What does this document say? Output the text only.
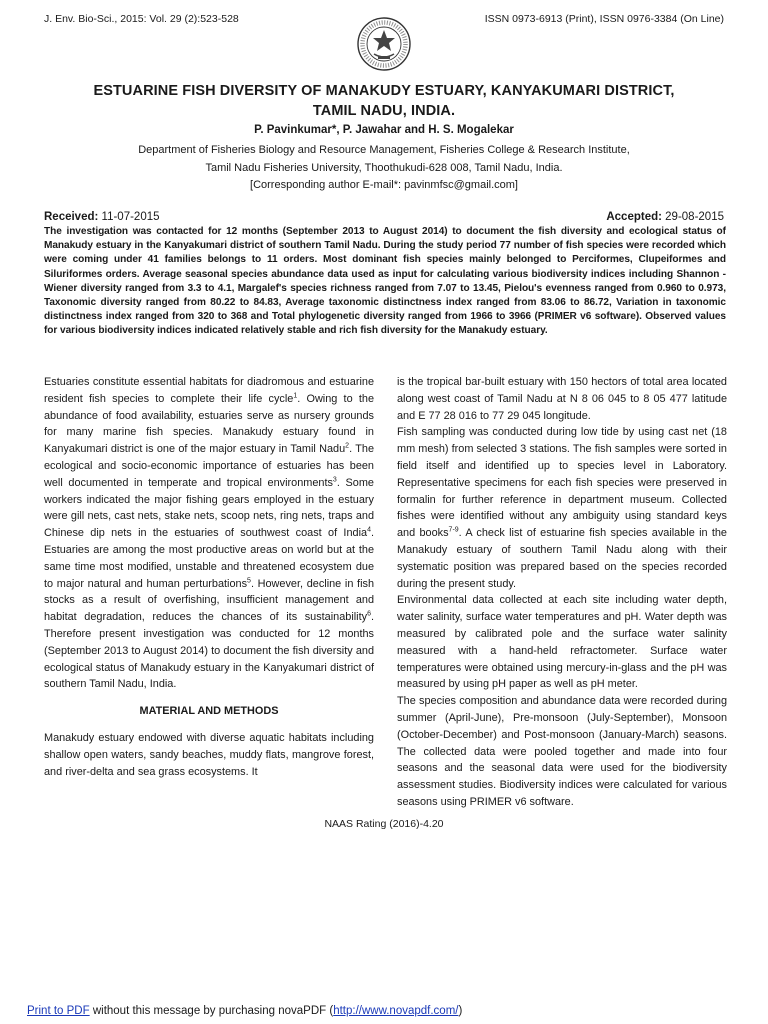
J. Env. Bio-Sci., 2015: Vol. 29 (2):523-528	ISSN 0973-6913 (Print), ISSN 0976-3384 (On Line)
ESTUARINE FISH DIVERSITY OF MANAKUDY ESTUARY, KANYAKUMARI DISTRICT,
TAMIL NADU, INDIA.
P. Pavinkumar*, P. Jawahar and H. S. Mogalekar
Department of Fisheries Biology and Resource Management, Fisheries College & Research Institute,
Tamil Nadu Fisheries University, Thoothukudi-628 008, Tamil Nadu, India.
[Corresponding author E-mail*: pavinmfsc@gmail.com]
Received: 11-07-2015	Accepted: 29-08-2015
The investigation was contacted for 12 months (September 2013 to August 2014) to document the fish diversity and ecological status of Manakudy estuary in the Kanyakumari district of southern Tamil Nadu. During the study period 77 number of fish species were recorded which were coming under 41 families belongs to 11 orders. Most dominant fish species mainly belonged to Perciformes, Clupeiformes and Siluriformes orders. Average seasonal species abundance data used as input for calculating various biodiversity indices including Shannon - Wiener diversity ranged from 3.3 to 4.1, Margalef's species richness ranged from 7.07 to 13.45, Pielou's evenness ranged from 0.960 to 0.973, Taxonomic diversity ranged from 80.22 to 84.83, Average taxonomic distinctness index ranged from 83.06 to 86.72, Variation in taxonomic distinctness index ranged from 320 to 368 and Total phylogenetic diversity ranged from 1966 to 3966 (PRIMER v6 software). Observed values for various biodiversity indices indicated relatively stable and rich fish diversity for the Manakudy estuary.

Estuaries constitute essential habitats for diadromous and estuarine resident fish species to complete their life cycle$^1$. Owing to the abundance of food availability, estuaries serve as nursery grounds for many marine fish species. Manakudy estuary found in Kanyakumari district is one of the major estuary in Tamil Nadu$^2$. The ecological and socio-economic importance of estuaries has been well documented in temperate and tropical environments$^3$. Some workers indicated the major fishing gears employed in the estuary were gill nets, cast nets, stake nets, scoop nets, ring nets, traps and Chinese dip nets in the estuaries of southwest coast of India$^4$. Estuaries are among the most productive areas on world but at the same time most modified, unstable and threatened ecosystem due to major natural and human perturbations$^5$. However, decline in fish stocks as a result of overfishing, insufficient management and habitat degradation, reduces the chances of its sustainability$^6$. Therefore present investigation was conducted for 12 months (September 2013 to August 2014) to document the fish diversity and ecological status of Manakudy estuary in the Kanyakumari district of southern Tamil Nadu, India.

MATERIAL AND METHODS

Manakudy estuary endowed with diverse aquatic habitats including shallow open waters, sandy beaches, muddy flats, mangrove forest, and river-delta and sea grass ecosystems. It

is the tropical bar-built estuary with 150 hectors of total area located along west coast of Tamil Nadu at N 8 06 045 to 8 05 477 latitude and E 77 28 016 to 77 29 045 longitude.

Fish sampling was conducted during low tide by using cast net (18 mm mesh) from selected 3 stations. The fish samples were sorted in field itself and identified up to species level in Laboratory. Representative specimens for each fish species were preserved in formalin for further reference in department museum. Collected fishes were identified without any ambiguity using standard keys and books$^{7-9}$. A check list of estuarine fish species available in the Manakudy estuary of southern Tamil Nadu along with their systematic position was prepared based on the species recorded during the present study.

Environmental data collected at each site including water depth, water salinity, surface water temperatures and pH. Water depth was measured by calibrated pole and the surface water salinity measured with a hand-held refractometer. Surface water temperatures were obtained using mercury-in-glass and the pH was measured by using pH paper as well as pH meter.

The species composition and abundance data were recorded during summer (April-June), Pre-monsoon (July-September), Monsoon (October-December) and Post-monsoon (January-March) seasons. The collected data were pooled together and made into four seasons and the seasonal data were used for the biodiversity assessment studies. Biodiversity indices were calculated for various seasons using PRIMER v6 software.

NAAS Rating (2016)-4.20
Print to PDF without this message by purchasing novaPDF (http://www.novapdf.com/)
